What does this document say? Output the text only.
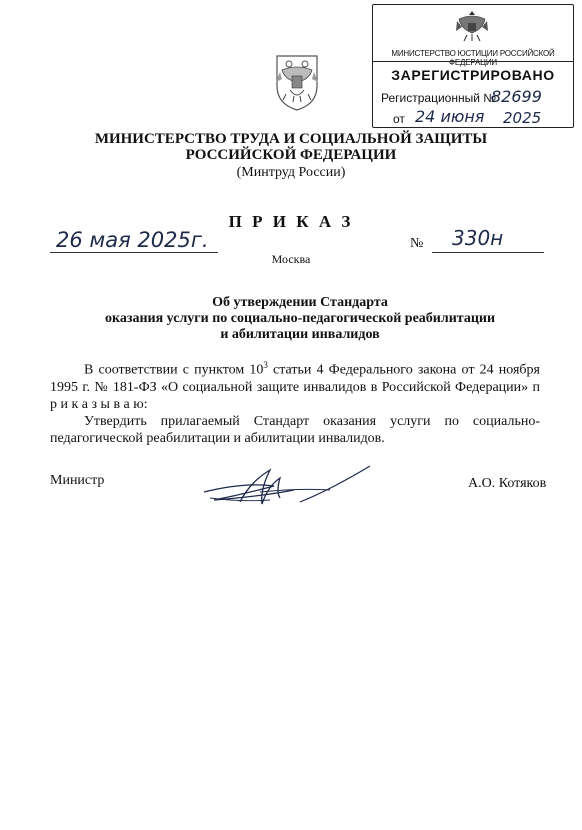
МИНИСТЕРСТВО ЮСТИЦИИ РОССИЙСКОЙ ФЕДЕРАЦИИ
ЗАРЕГИСТРИРОВАНО
Регистрационный №
82699
от 24 июня 2025
МИНИСТЕРСТВО ТРУДА И СОЦИАЛЬНОЙ ЗАЩИТЫ
РОССИЙСКОЙ ФЕДЕРАЦИИ
(Минтруд России)
П Р И К А З
26 мая 2025г.	№ 330н
Москва
Об утверждении Стандарта
оказания услуги по социально-педагогической реабилитации
и абилитации инвалидов

В соответствии с пунктом $10^3$ статьи 4 Федерального закона от 24 ноября 1995 г. № 181-ФЗ «О социальной защите инвалидов в Российской Федерации» п р и к а з ы в а ю:

Утвердить прилагаемый Стандарт оказания услуги по социально-педагогической реабилитации и абилитации инвалидов.

Министр	А.О. Котяков
